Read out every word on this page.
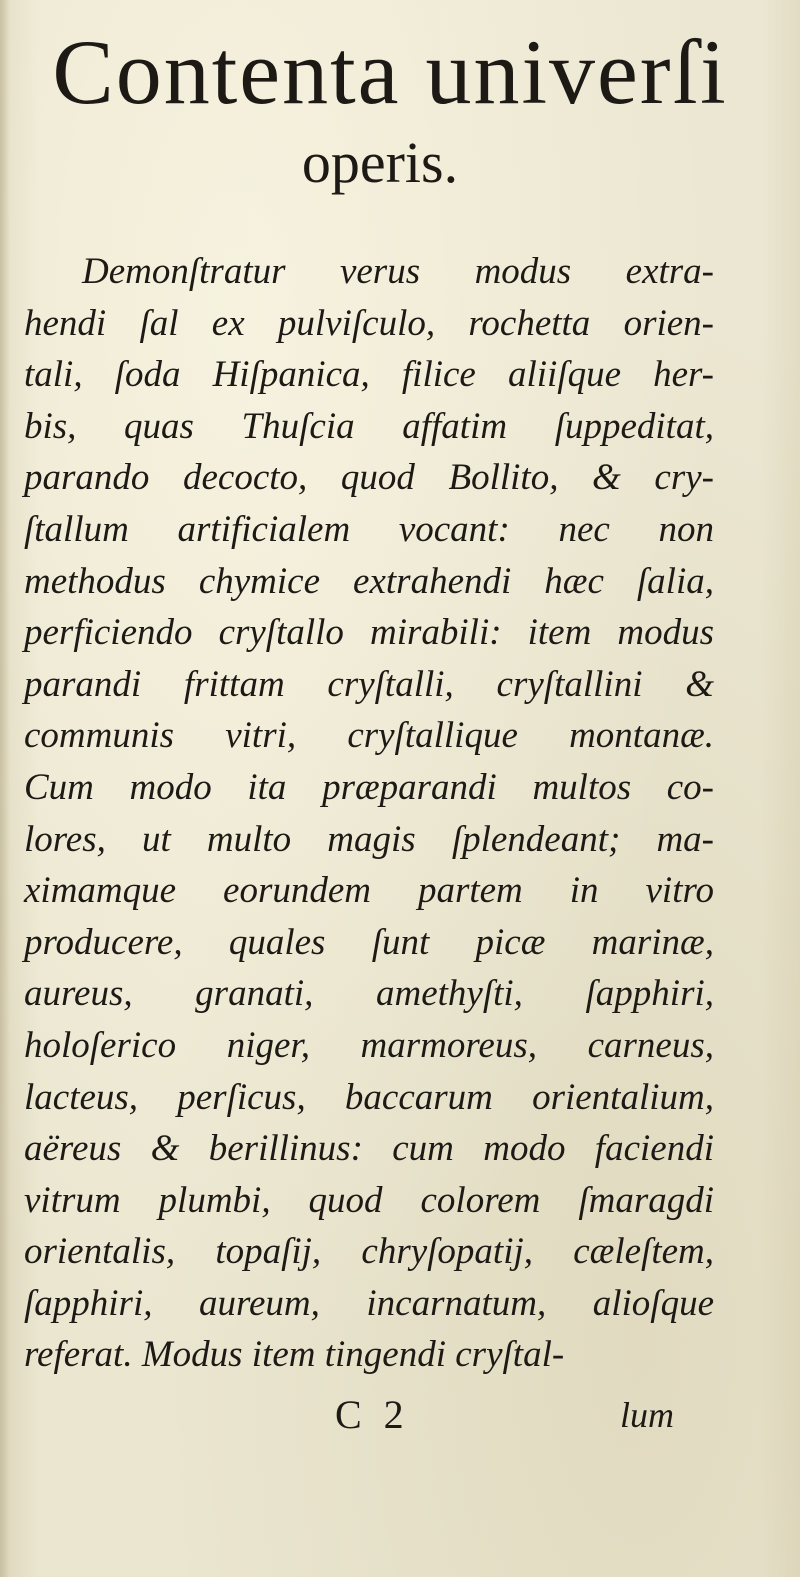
Contenta univerſi
operis.
Demonſtratur verus modus extra-
hendi ſal ex pulviſculo, rochetta orien-
tali, ſoda Hiſpanica, filice aliiſque her-
bis, quas Thuſcia affatim ſuppeditat,
parando decocto, quod Bollito, & cry-
ſtallum artificialem vocant: nec non
methodus chymice extrahendi hæc ſalia,
perficiendo cryſtallo mirabili: item modus
parandi frittam cryſtalli, cryſtallini &
communis vitri, cryſtallique montanæ.
Cum modo ita præparandi multos co-
lores, ut multo magis ſplendeant; ma-
ximamque eorundem partem in vitro
producere, quales ſunt picæ marinæ,
aureus, granati, amethyſti, ſapphiri,
holoſerico niger, marmoreus, carneus,
lacteus, perſicus, baccarum orientalium,
aëreus & berillinus: cum modo faciendi
vitrum plumbi, quod colorem ſmaragdi
orientalis, topaſij, chryſopatij, cæleſtem,
ſapphiri, aureum, incarnatum, alioſque
referat. Modus item tingendi cryſtal-
C 2	lum
